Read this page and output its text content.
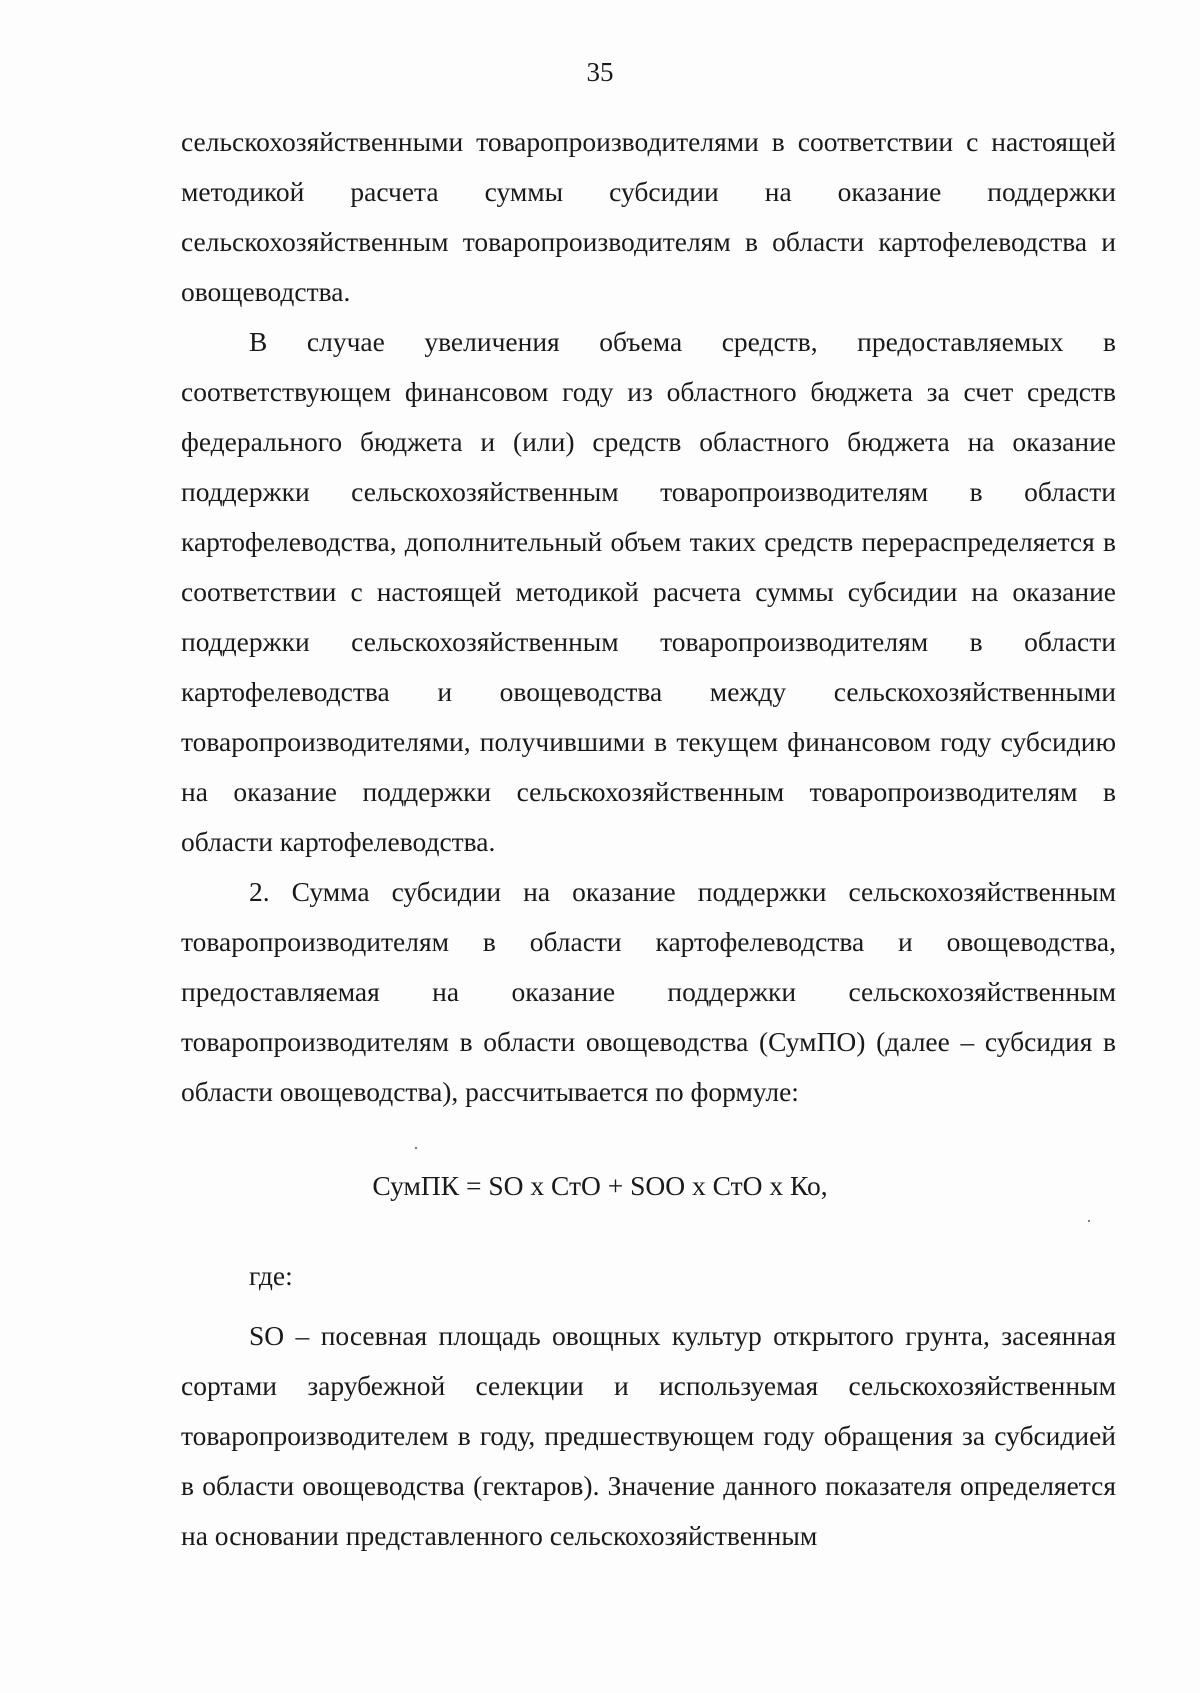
35

сельскохозяйственными товаропроизводителями в соответствии с настоящей методикой расчета суммы субсидии на оказание поддержки сельскохозяйственным товаропроизводителям в области картофелеводства и овощеводства.

В случае увеличения объема средств, предоставляемых в соответствующем финансовом году из областного бюджета за счет средств федерального бюджета и (или) средств областного бюджета на оказание поддержки сельскохозяйственным товаропроизводителям в области картофелеводства, дополнительный объем таких средств перераспределяется в соответствии с настоящей методикой расчета суммы субсидии на оказание поддержки сельскохозяйственным товаропроизводителям в области картофелеводства и овощеводства между сельскохозяйственными товаропроизводителями, получившими в текущем финансовом году субсидию на оказание поддержки сельскохозяйственным товаропроизводителям в области картофелеводства.

2. Сумма субсидии на оказание поддержки сельскохозяйственным товаропроизводителям в области картофелеводства и овощеводства, предоставляемая на оказание поддержки сельскохозяйственным товаропроизводителям в области овощеводства (СумПО) (далее – субсидия в области овощеводства), рассчитывается по формуле:

СумПК = SO x СтО + SOO x СтО x Ко,
где:

SO – посевная площадь овощных культур открытого грунта, засеянная сортами зарубежной селекции и используемая сельскохозяйственным товаропроизводителем в году, предшествующем году обращения за субсидией в области овощеводства (гектаров). Значение данного показателя определяется на основании представленного сельскохозяйственным
